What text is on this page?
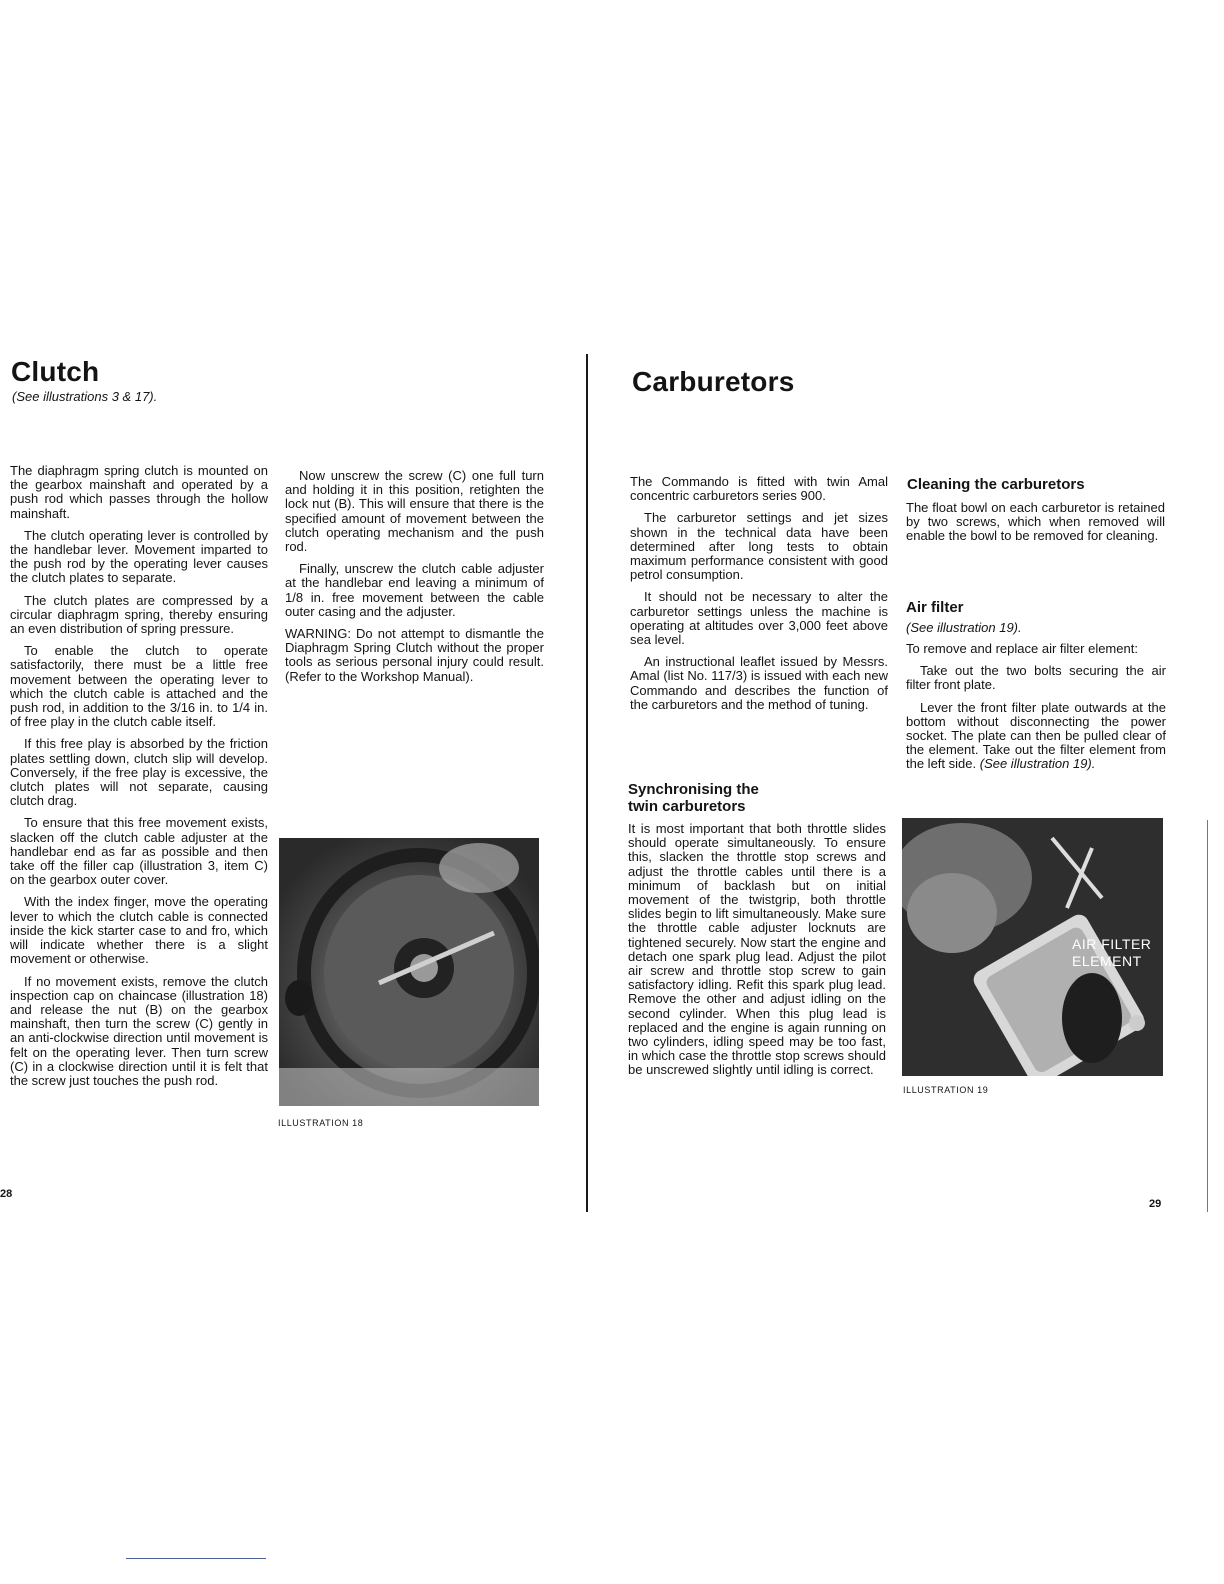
Clutch
(See illustrations 3 & 17).

The diaphragm spring clutch is mounted on the gearbox mainshaft and operated by a push rod which passes through the hollow mainshaft.

The clutch operating lever is controlled by the handlebar lever. Movement imparted to the push rod by the operating lever causes the clutch plates to separate.

The clutch plates are compressed by a circular diaphragm spring, thereby ensuring an even distribution of spring pressure.

To enable the clutch to operate satisfactorily, there must be a little free movement between the operating lever to which the clutch cable is attached and the push rod, in addition to the 3/16 in. to 1/4 in. of free play in the clutch cable itself.

If this free play is absorbed by the friction plates settling down, clutch slip will develop. Conversely, if the free play is excessive, the clutch plates will not separate, causing clutch drag.

To ensure that this free movement exists, slacken off the clutch cable adjuster at the handlebar end as far as possible and then take off the filler cap (illustration 3, item C) on the gearbox outer cover.

With the index finger, move the operating lever to which the clutch cable is connected inside the kick starter case to and fro, which will indicate whether there is a slight movement or otherwise.

If no movement exists, remove the clutch inspection cap on chaincase (illustration 18) and release the nut (B) on the gearbox mainshaft, then turn the screw (C) gently in an anti-clockwise direction until movement is felt on the operating lever. Then turn screw (C) in a clockwise direction until it is felt that the screw just touches the push rod.

Now unscrew the screw (C) one full turn and holding it in this position, retighten the lock nut (B). This will ensure that there is the specified amount of movement between the clutch operating mechanism and the push rod.

Finally, unscrew the clutch cable adjuster at the handlebar end leaving a minimum of 1/8 in. free movement between the cable outer casing and the adjuster.

WARNING: Do not attempt to dismantle the Diaphragm Spring Clutch without the proper tools as serious personal injury could result. (Refer to the Workshop Manual).

ILLUSTRATION 18
28
Carburetors

The Commando is fitted with twin Amal concentric carburetors series 900.

The carburetor settings and jet sizes shown in the technical data have been determined after long tests to obtain maximum performance consistent with good petrol consumption.

It should not be necessary to alter the carburetor settings unless the machine is operating at altitudes over 3,000 feet above sea level.

An instructional leaflet issued by Messrs. Amal (list No. 117/3) is issued with each new Commando and describes the function of the carburetors and the method of tuning.

Synchronising the
twin carburetors

It is most important that both throttle slides should operate simultaneously. To ensure this, slacken the throttle stop screws and adjust the throttle cables until there is a minimum of backlash but on initial movement of the twistgrip, both throttle slides begin to lift simultaneously. Make sure the throttle cable adjuster locknuts are tightened securely. Now start the engine and detach one spark plug lead. Adjust the pilot air screw and throttle stop screw to gain satisfactory idling. Refit this spark plug lead. Remove the other and adjust idling on the second cylinder. When this plug lead is replaced and the engine is again running on two cylinders, idling speed may be too fast, in which case the throttle stop screws should be unscrewed slightly until idling is correct.

Cleaning the carburetors

The float bowl on each carburetor is retained by two screws, which when removed will enable the bowl to be removed for cleaning.

Air filter
(See illustration 19).

To remove and replace air filter element:

Take out the two bolts securing the air filter front plate.

Lever the front filter plate outwards at the bottom without disconnecting the power socket. The plate can then be pulled clear of the element. Take out the filter element from the left side. (See illustration 19).

AIR FILTER
ELEMENT
ILLUSTRATION 19
29
